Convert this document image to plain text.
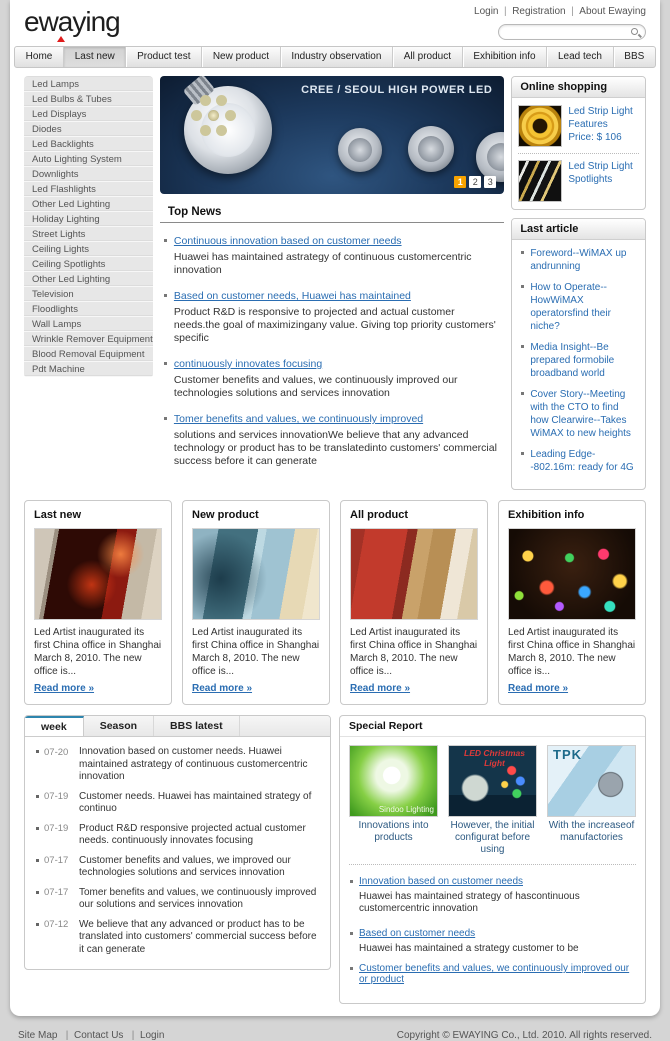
ewaying	Login |  Registration |  About Ewaying
Home	Last new	Product test	New product	Industry observation	All product	Exhibition info	Lead tech	BBS
Led Lamps
Led Bulbs & Tubes
Led Displays
Diodes
Led Backlights
Auto Lighting System
Downlights
Led Flashlights
Other Led Lighting
Holiday Lighting
Street Lights
Ceiling Lights
Ceiling Spotlights
Other Led Lighting
Television
Floodlights
Wall Lamps
Wrinkle Remover Equipment
Blood Removal Equipment
Pdt Machine
CREE / SEOUL HIGH POWER LED
1	2	3
Top News
Continuous innovation based on customer needs
Huawei has maintained astrategy of continuous customercentric innovation
Based on customer needs, Huawei has maintained
Product R&D is responsive to projected and actual customer needs.the goal of maximizingany value. Giving top priority customers' specific
continuously innovates focusing
Customer benefits and values, we continuously improved our technologies solutions and services innovation
Tomer benefits and values, we continuously improved
solutions and services innovationWe believe that any advanced technology or product has to be translatedinto customers' commercial success before it can generate
Online shopping
Led Strip Light Features
Price: $ 106
Led Strip Light Spotlights
Last article
Foreword--WiMAX up andrunning
How to Operate--HowWiMAX operatorsfind their niche?
Media Insight--Be prepared formobile broadband world
Cover Story--Meeting with the CTO to find how Clearwire--Takes WiMAX to new heights
Leading Edge--802.16m: ready for 4G
Last new
Led Artist inaugurated its first China office in Shanghai March 8, 2010. The new office is...
Read more »
New product
Led Artist inaugurated its first China office in Shanghai March 8, 2010. The new office is...
Read more »
All product
Led Artist inaugurated its first China office in Shanghai March 8, 2010. The new office is...
Read more »
Exhibition info
Led Artist inaugurated its first China office in Shanghai March 8, 2010. The new office is...
Read more »
week	Season	BBS latest
07-20	Innovation based on customer needs. Huawei maintained astrategy of continuous customercentric innovation
07-19	Customer needs. Huawei has maintained strategy of continuo
07-19	Product R&D responsive projected actual customer needs. continuously innovates focusing
07-17	Customer benefits and values, we improved our technologies solutions and services innovation
07-17	Tomer benefits and values, we continuously improved our solutions and services innovation
07-12	We believe that any advanced or product has to be translated into customers' commercial success before it can generate
Special Report
Sindoo Lighting
Innovations into products
LED Christmas Light
However, the initial configurat before using
TPK
With the increaseof manufactories
Innovation based on customer needs
Huawei has maintained strategy of hascontinuous customercentric innovation
Based on customer needs
Huawei has maintained a strategy customer to be
Customer benefits and values, we continuously improved our or product
Site Map |  Contact Us |  Login	Copyright © EWAYING Co., Ltd. 2010. All rights reserved.
